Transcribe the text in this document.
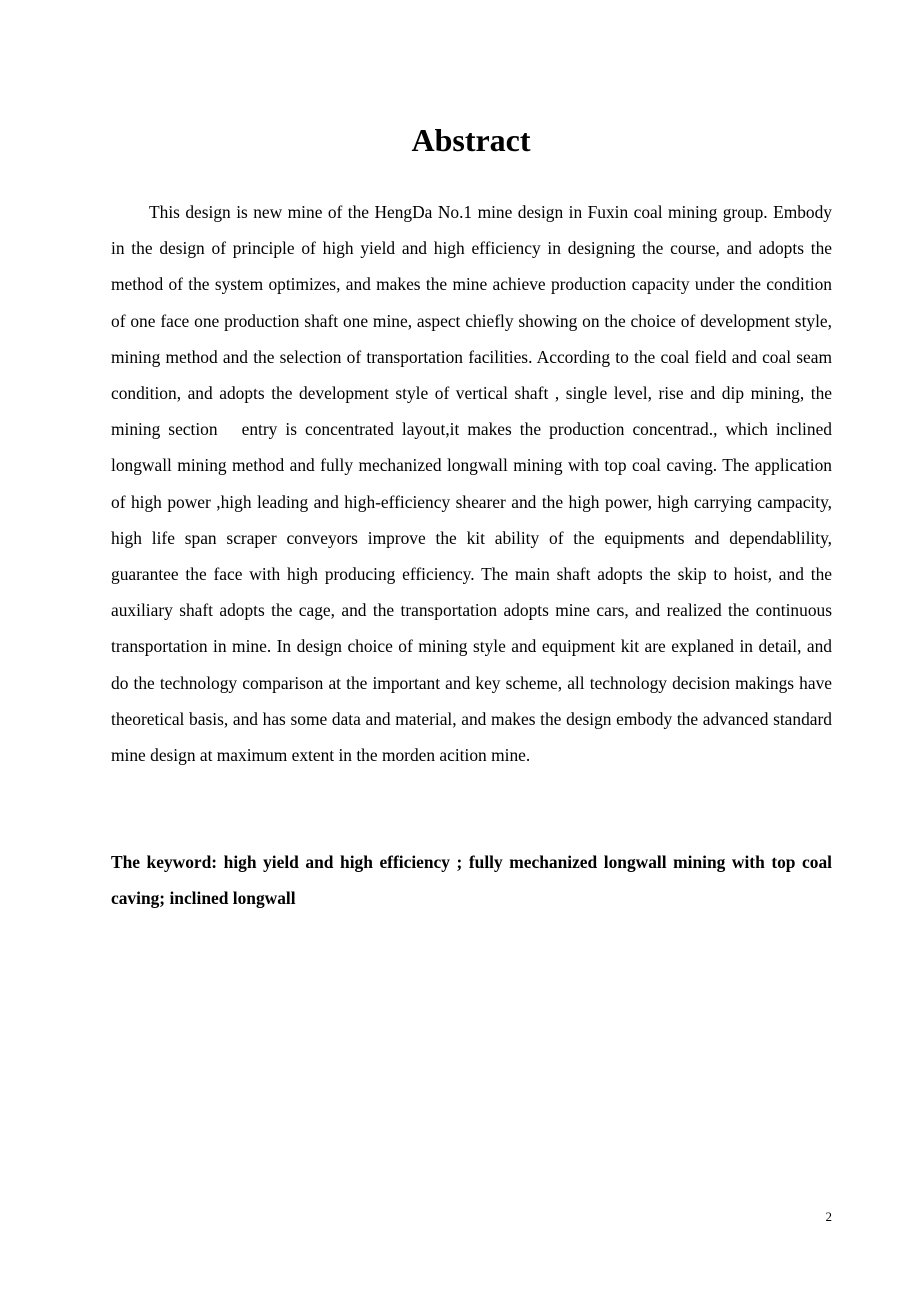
Abstract

This design is new mine of the HengDa No.1 mine design in Fuxin coal mining group. Embody in the design of principle of high yield and high efficiency in designing the course, and adopts the method of the system optimizes, and makes the mine achieve production capacity under the condition of one face one production shaft one mine, aspect chiefly showing on the choice of development style, mining method and the selection of transportation facilities. According to the coal field and coal seam condition, and adopts the development style of vertical shaft , single level, rise and dip mining, the mining section   entry is concentrated layout,it makes the production concentrad., which inclined longwall mining method and fully mechanized longwall mining with top coal caving. The application of high power ,high leading and high-efficiency shearer and the high power, high carrying campacity, high life span scraper conveyors improve the kit ability of the equipments and dependablility, guarantee the face with high producing efficiency. The main shaft adopts the skip to hoist, and the auxiliary shaft adopts the cage, and the transportation adopts mine cars, and realized the continuous transportation in mine. In design choice of mining style and equipment kit are explaned in detail, and do the technology comparison at the important and key scheme, all technology decision makings have theoretical basis, and has some data and material, and makes the design embody the advanced standard mine design at maximum extent in the morden acition mine.

The keyword: high yield and high efficiency ; fully mechanized longwall mining with top coal caving; inclined longwall

2
